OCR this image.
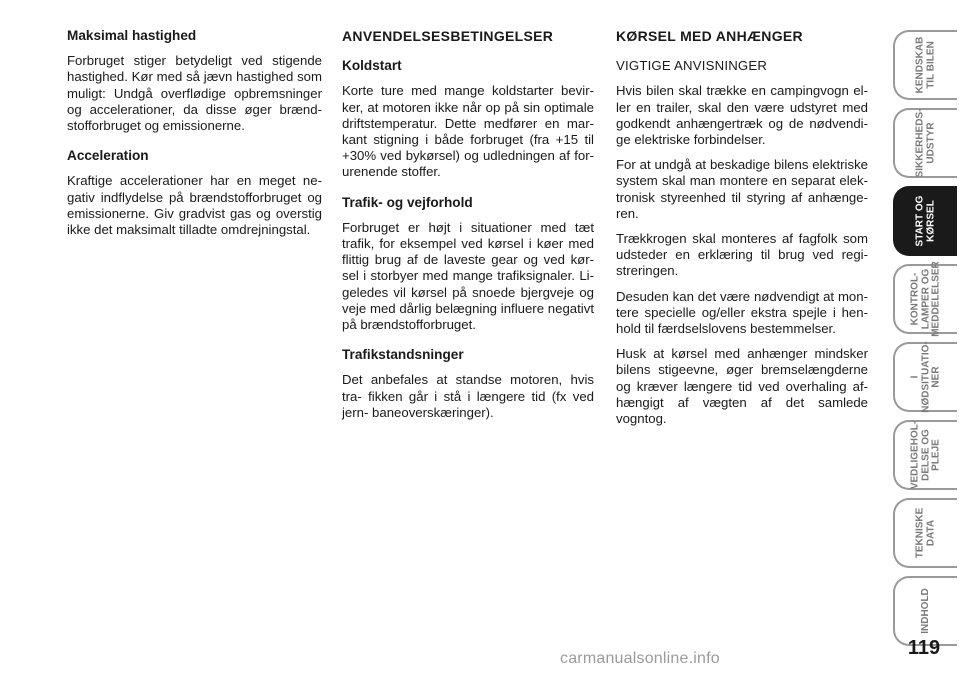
Maksimal hastighed

Forbruget stiger betydeligt ved stigende hastighed. Kør med så jævn hastighed som muligt: Undgå overflødige opbremsninger og accelerationer, da disse øger brænd- stofforbruget og emissionerne.

Acceleration

Kraftige accelerationer har en meget ne- gativ indflydelse på brændstofforbruget og emissionerne. Giv gradvist gas og overstig ikke det maksimalt tilladte omdrejningstal.

ANVENDELSESBETINGELSER

Koldstart

Korte ture med mange koldstarter bevir- ker, at motoren ikke når op på sin optimale driftstemperatur. Dette medfører en mar- kant stigning i både forbruget (fra +15 til +30% ved bykørsel) og udledningen af for- urenende stoffer.

Trafik- og vejforhold

Forbruget er højt i situationer med tæt trafik, for eksempel ved kørsel i køer med flittig brug af de laveste gear og ved kør- sel i storbyer med mange trafiksignaler. Li- geledes vil kørsel på snoede bjergveje og veje med dårlig belægning influere negativt på brændstofforbruget.

Trafikstandsninger

Det anbefales at standse motoren, hvis tra- fikken går i stå i længere tid (fx ved jern- baneoverskæringer).

KØRSEL MED ANHÆNGER

VIGTIGE ANVISNINGER

Hvis bilen skal trække en campingvogn el- ler en trailer, skal den være udstyret med godkendt anhængertræk og de nødvendi- ge elektriske forbindelser.

For at undgå at beskadige bilens elektriske system skal man montere en separat elek- tronisk styreenhed til styring af anhænge- ren.

Trækkrogen skal monteres af fagfolk som udsteder en erklæring til brug ved regi- streringen.

Desuden kan det være nødvendigt at mon- tere specielle og/eller ekstra spejle i hen- hold til færdselslovens bestemmelser.

Husk at kørsel med anhænger mindsker bilens stigeevne, øger bremselængderne og kræver længere tid ved overhaling af- hængigt af vægten af det samlede vogntog.

KENDSKAB
TIL BILEN
SIKKERHEDS-
UDSTYR
START OG
KØRSEL
KONTROL-
LAMPER OG
MEDDELELSER
I
NØDSITUATIO-
NER
VEDLIGEHOL-
DELSE OG PLEJE
TEKNISKE
DATA
INDHOLD
119
carmanualsonline.info
